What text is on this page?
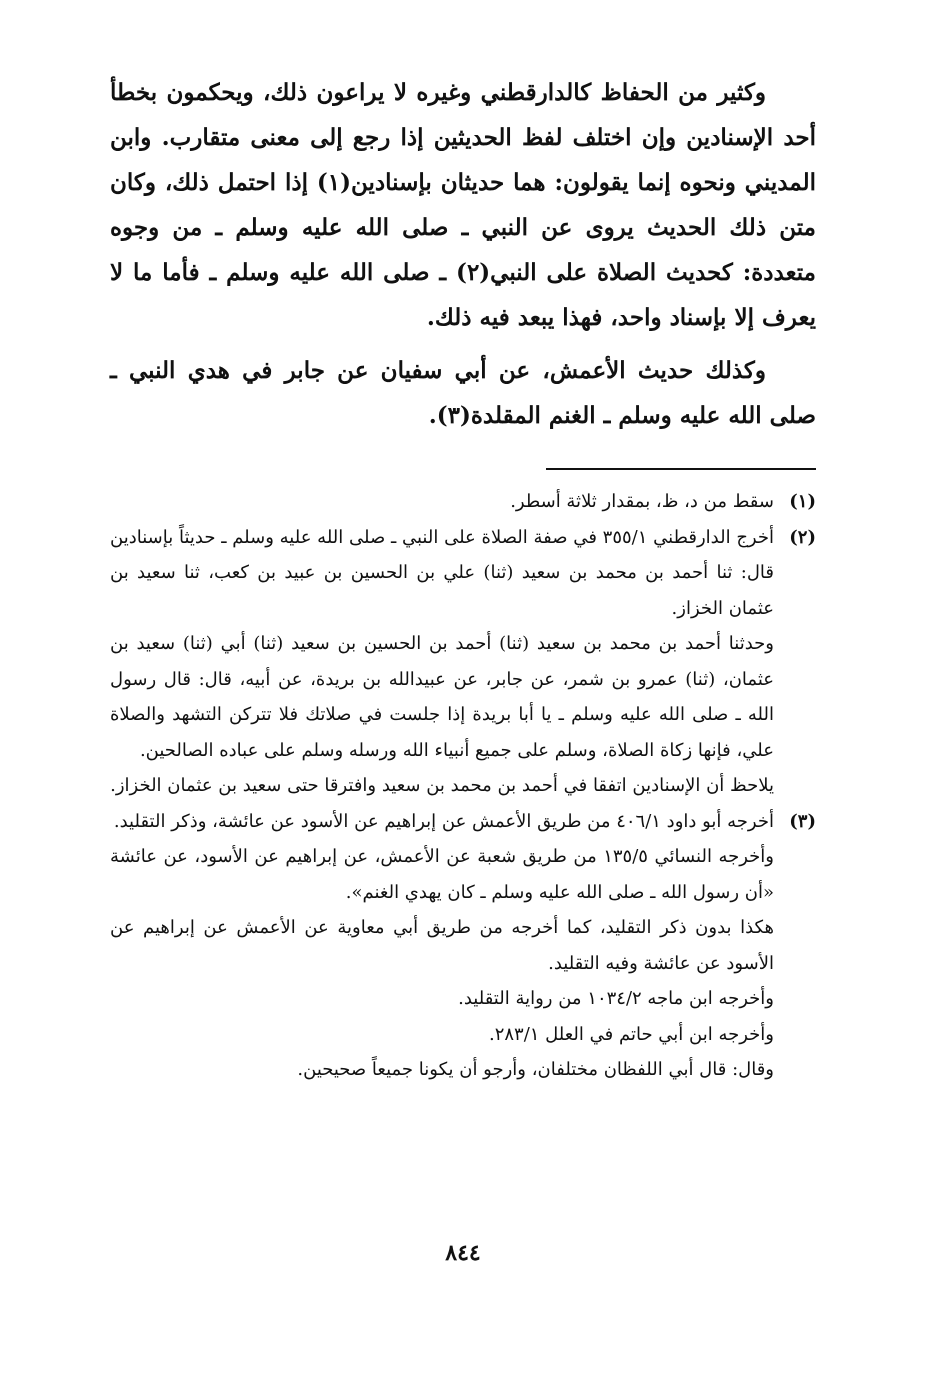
وكثير من الحفاظ كالدارقطني وغيره لا يراعون ذلك، ويحكمون بخطأ أحد الإسنادين وإن اختلف لفظ الحديثين إذا رجع إلى معنى متقارب. وابن المديني ونحوه إنما يقولون: هما حديثان بإسنادين(١) إذا احتمل ذلك، وكان متن ذلك الحديث يروى عن النبي ـ صلى الله عليه وسلم ـ من وجوه متعددة: كحديث الصلاة على النبي(٢) ـ صلى الله عليه وسلم ـ فأما ما لا يعرف إلا بإسناد واحد، فهذا يبعد فيه ذلك.

وكذلك حديث الأعمش، عن أبي سفيان عن جابر في هدي النبي ـ صلى الله عليه وسلم ـ الغنم المقلدة(٣).

(١)

سقط من د، ظ، بمقدار ثلاثة أسطر.

(٢)

أخرج الدارقطني ٣٥٥/١ في صفة الصلاة على النبي ـ صلى الله عليه وسلم ـ حديثاً بإسنادين قال: ثنا أحمد بن محمد بن سعيد (ثنا) علي بن الحسين بن عبيد بن كعب، ثنا سعيد بن عثمان الخزاز.

وحدثنا أحمد بن محمد بن سعيد (ثنا) أحمد بن الحسين بن سعيد (ثنا) أبي (ثنا) سعيد بن عثمان، (ثنا) عمرو بن شمر، عن جابر، عن عبيدالله بن بريدة، عن أبيه، قال: قال رسول الله ـ صلى الله عليه وسلم ـ يا أبا بريدة إذا جلست في صلاتك فلا تتركن التشهد والصلاة علي، فإنها زكاة الصلاة، وسلم على جميع أنبياء الله ورسله وسلم على عباده الصالحين.

يلاحظ أن الإسنادين اتفقا في أحمد بن محمد بن سعيد وافترقا حتى سعيد بن عثمان الخزاز.

(٣)

أخرجه أبو داود ٤٠٦/١ من طريق الأعمش عن إبراهيم عن الأسود عن عائشة، وذكر التقليد.

وأخرجه النسائي ١٣٥/٥ من طريق شعبة عن الأعمش، عن إبراهيم عن الأسود، عن عائشة «أن رسول الله ـ صلى الله عليه وسلم ـ كان يهدي الغنم».

هكذا بدون ذكر التقليد، كما أخرجه من طريق أبي معاوية عن الأعمش عن إبراهيم عن الأسود عن عائشة وفيه التقليد.

وأخرجه ابن ماجه ١٠٣٤/٢ من رواية التقليد.

وأخرجه ابن أبي حاتم في العلل ٢٨٣/١.

وقال: قال أبي اللفظان مختلفان، وأرجو أن يكونا جميعاً صحيحين.

٨٤٤
